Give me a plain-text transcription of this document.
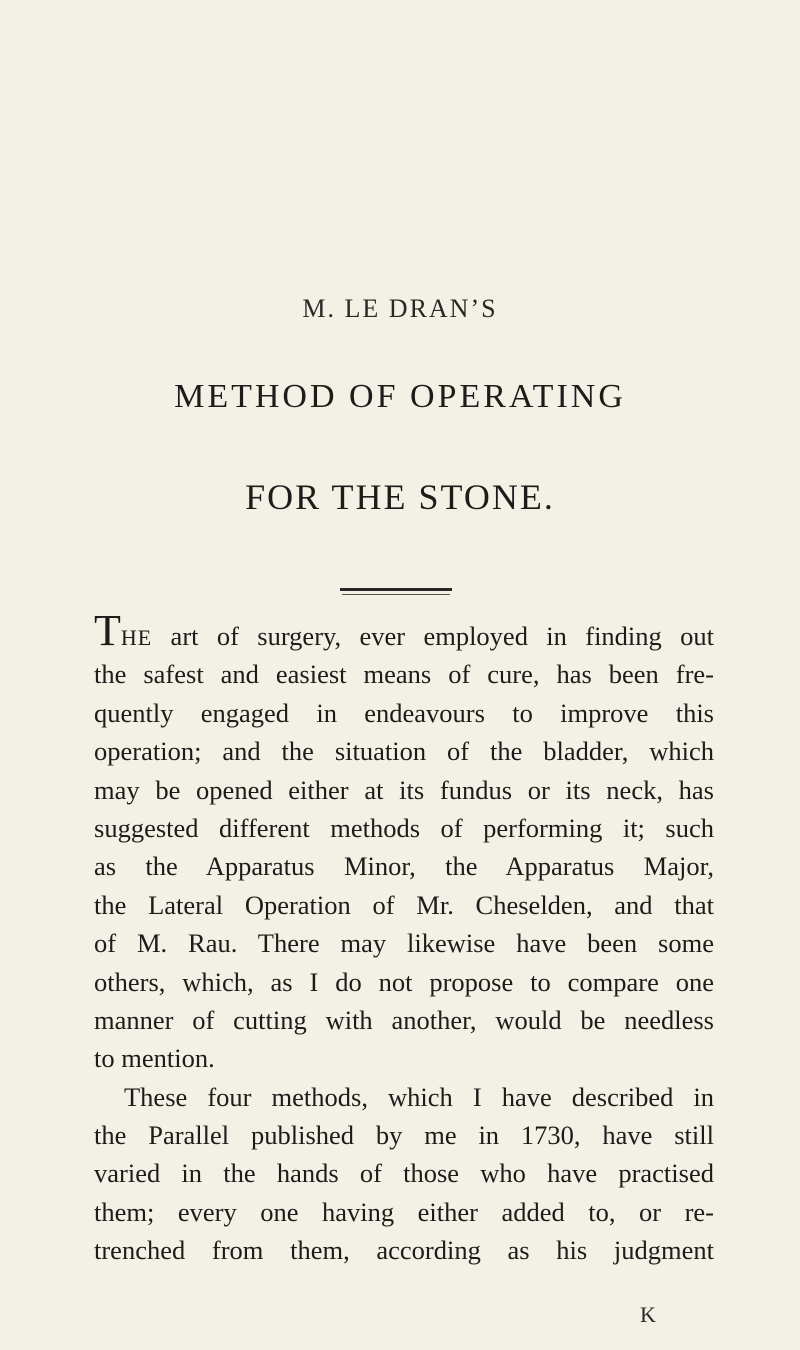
M. LE DRAN’S
METHOD OF OPERATING
FOR THE STONE.
THE art of surgery, ever employed in finding out
the safest and easiest means of cure, has been fre-
quently engaged in endeavours to improve this
operation; and the situation of the bladder, which
may be opened either at its fundus or its neck, has
suggested different methods of performing it; such
as the Apparatus Minor, the Apparatus Major,
the Lateral Operation of Mr. Cheselden, and that
of M. Rau. There may likewise have been some
others, which, as I do not propose to compare one
manner of cutting with another, would be needless
to mention.
These four methods, which I have described in
the Parallel published by me in 1730, have still
varied in the hands of those who have practised
them; every one having either added to, or re-
trenched from them, according as his judgment
K
